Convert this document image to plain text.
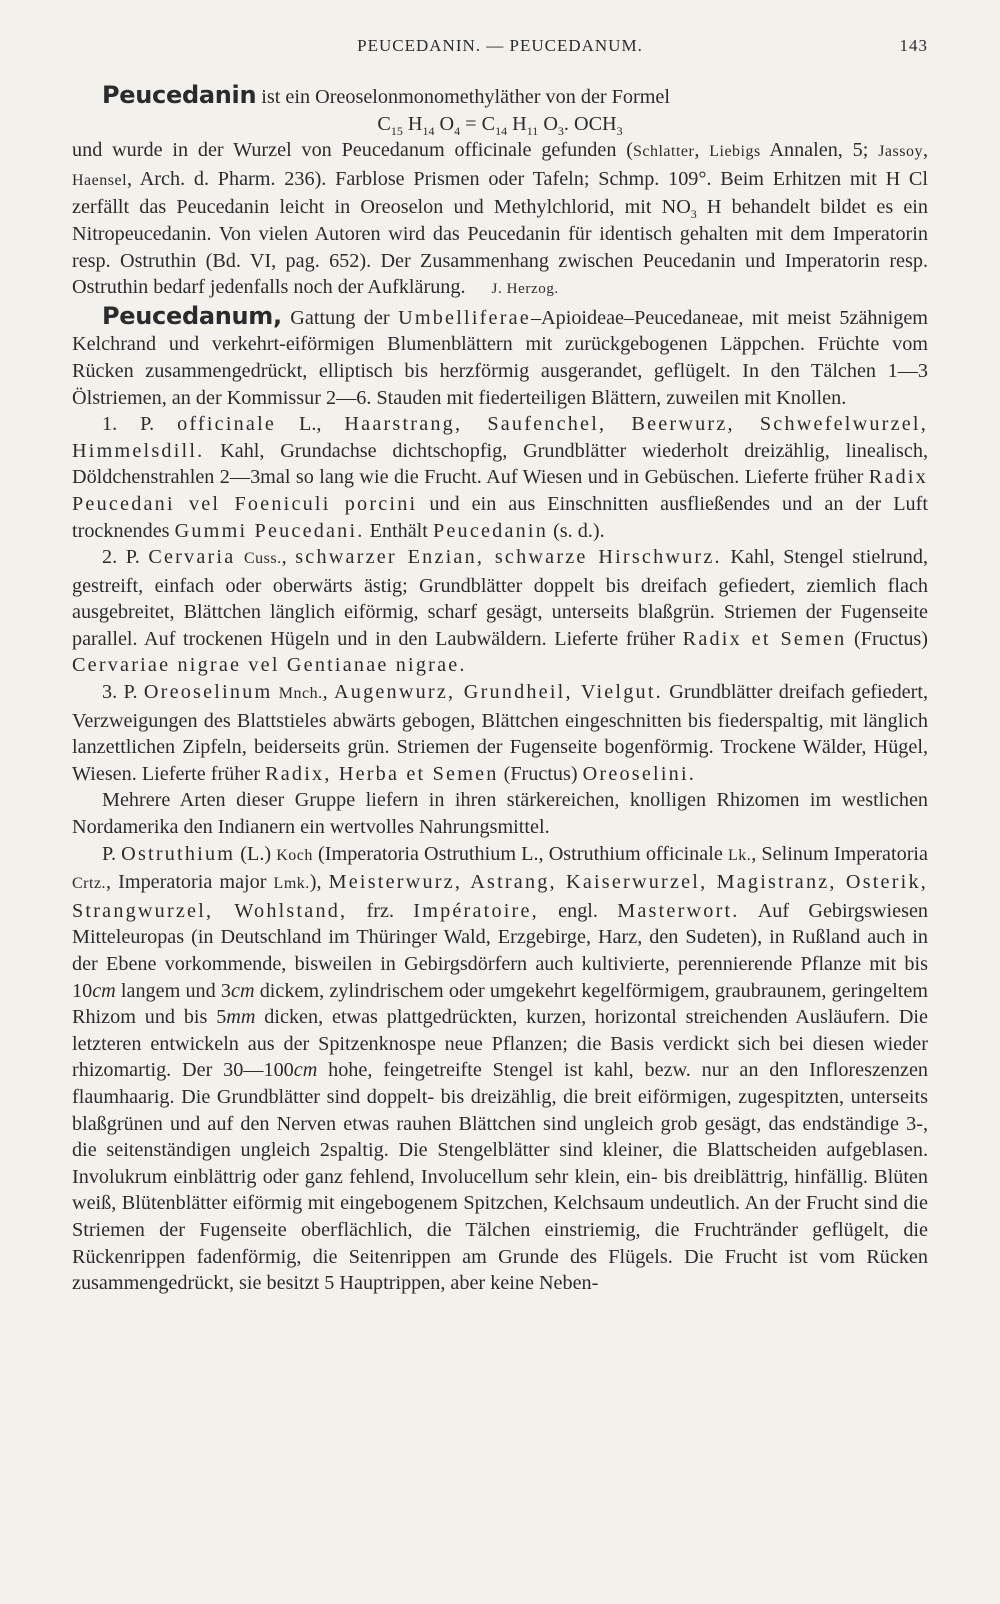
PEUCEDANIN. — PEUCEDANUM.	143

Peucedanin ist ein Oreoselonmonomethyläther von der Formel

$C_{15}$ $H_{14}$ $O_4 = C_{14}$ $H_{11}$ $O_3$. $OCH_3$

und wurde in der Wurzel von Peucedanum officinale gefunden (Schlatter, Liebigs Annalen, 5; Jassoy, Haensel, Arch. d. Pharm. 236). Farblose Prismen oder Tafeln; Schmp. 109°. Beim Erhitzen mit H Cl zerfällt das Peucedanin leicht in Oreoselon und Methylchlorid, mit $NO_3$ H behandelt bildet es ein Nitropeucedanin. Von vielen Autoren wird das Peucedanin für identisch gehalten mit dem Imperatorin resp. Ostruthin (Bd. VI, pag. 652). Der Zusammenhang zwischen Peucedanin und Imperatorin resp. Ostruthin bedarf jedenfalls noch der Aufklärung. J. Herzog.

Peucedanum, Gattung der Umbelliferae–Apioideae–Peucedaneae, mit meist 5zähnigem Kelchrand und verkehrt-eiförmigen Blumenblättern mit zurückgebogenen Läppchen. Früchte vom Rücken zusammengedrückt, elliptisch bis herzförmig ausgerandet, geflügelt. In den Tälchen 1—3 Ölstriemen, an der Kommissur 2—6. Stauden mit fiederteiligen Blättern, zuweilen mit Knollen.

1. P. officinale L., Haarstrang, Saufenchel, Beerwurz, Schwefelwurzel, Himmelsdill. Kahl, Grundachse dichtschopfig, Grundblätter wiederholt dreizählig, linealisch, Döldchenstrahlen 2—3mal so lang wie die Frucht. Auf Wiesen und in Gebüschen. Lieferte früher Radix Peucedani vel Foeniculi porcini und ein aus Einschnitten ausfließendes und an der Luft trocknendes Gummi Peucedani. Enthält Peucedanin (s. d.).

2. P. Cervaria Cuss., schwarzer Enzian, schwarze Hirschwurz. Kahl, Stengel stielrund, gestreift, einfach oder oberwärts ästig; Grundblätter doppelt bis dreifach gefiedert, ziemlich flach ausgebreitet, Blättchen länglich eiförmig, scharf gesägt, unterseits blaßgrün. Striemen der Fugenseite parallel. Auf trockenen Hügeln und in den Laubwäldern. Lieferte früher Radix et Semen (Fructus) Cervariae nigrae vel Gentianae nigrae.

3. P. Oreoselinum Mnch., Augenwurz, Grundheil, Vielgut. Grundblätter dreifach gefiedert, Verzweigungen des Blattstieles abwärts gebogen, Blättchen eingeschnitten bis fiederspaltig, mit länglich lanzettlichen Zipfeln, beiderseits grün. Striemen der Fugenseite bogenförmig. Trockene Wälder, Hügel, Wiesen. Lieferte früher Radix, Herba et Semen (Fructus) Oreoselini.

Mehrere Arten dieser Gruppe liefern in ihren stärkereichen, knolligen Rhizomen im westlichen Nordamerika den Indianern ein wertvolles Nahrungsmittel.

P. Ostruthium (L.) Koch (Imperatoria Ostruthium L., Ostruthium officinale Lk., Selinum Imperatoria Crtz., Imperatoria major Lmk.), Meisterwurz, Astrang, Kaiserwurzel, Magistranz, Osterik, Strangwurzel, Wohlstand, frz. Impératoire, engl. Masterwort. Auf Gebirgswiesen Mitteleuropas (in Deutschland im Thüringer Wald, Erzgebirge, Harz, den Sudeten), in Rußland auch in der Ebene vorkommende, bisweilen in Gebirgsdörfern auch kultivierte, perennierende Pflanze mit bis 10cm langem und 3cm dickem, zylindrischem oder umgekehrt kegelförmigem, graubraunem, geringeltem Rhizom und bis 5mm dicken, etwas plattgedrückten, kurzen, horizontal streichenden Ausläufern. Die letzteren entwickeln aus der Spitzenknospe neue Pflanzen; die Basis verdickt sich bei diesen wieder rhizomartig. Der 30—100cm hohe, feingetreifte Stengel ist kahl, bezw. nur an den Infloreszenzen flaumhaarig. Die Grundblätter sind doppelt- bis dreizählig, die breit eiförmigen, zugespitzten, unterseits blaßgrünen und auf den Nerven etwas rauhen Blättchen sind ungleich grob gesägt, das endständige 3-, die seitenständigen ungleich 2spaltig. Die Stengelblätter sind kleiner, die Blattscheiden aufgeblasen. Involukrum einblättrig oder ganz fehlend, Involucellum sehr klein, ein- bis dreiblättrig, hinfällig. Blüten weiß, Blütenblätter eiförmig mit eingebogenem Spitzchen, Kelchsaum undeutlich. An der Frucht sind die Striemen der Fugenseite oberflächlich, die Tälchen einstriemig, die Fruchtränder geflügelt, die Rückenrippen fadenförmig, die Seitenrippen am Grunde des Flügels. Die Frucht ist vom Rücken zusammengedrückt, sie besitzt 5 Hauptrippen, aber keine Neben-
